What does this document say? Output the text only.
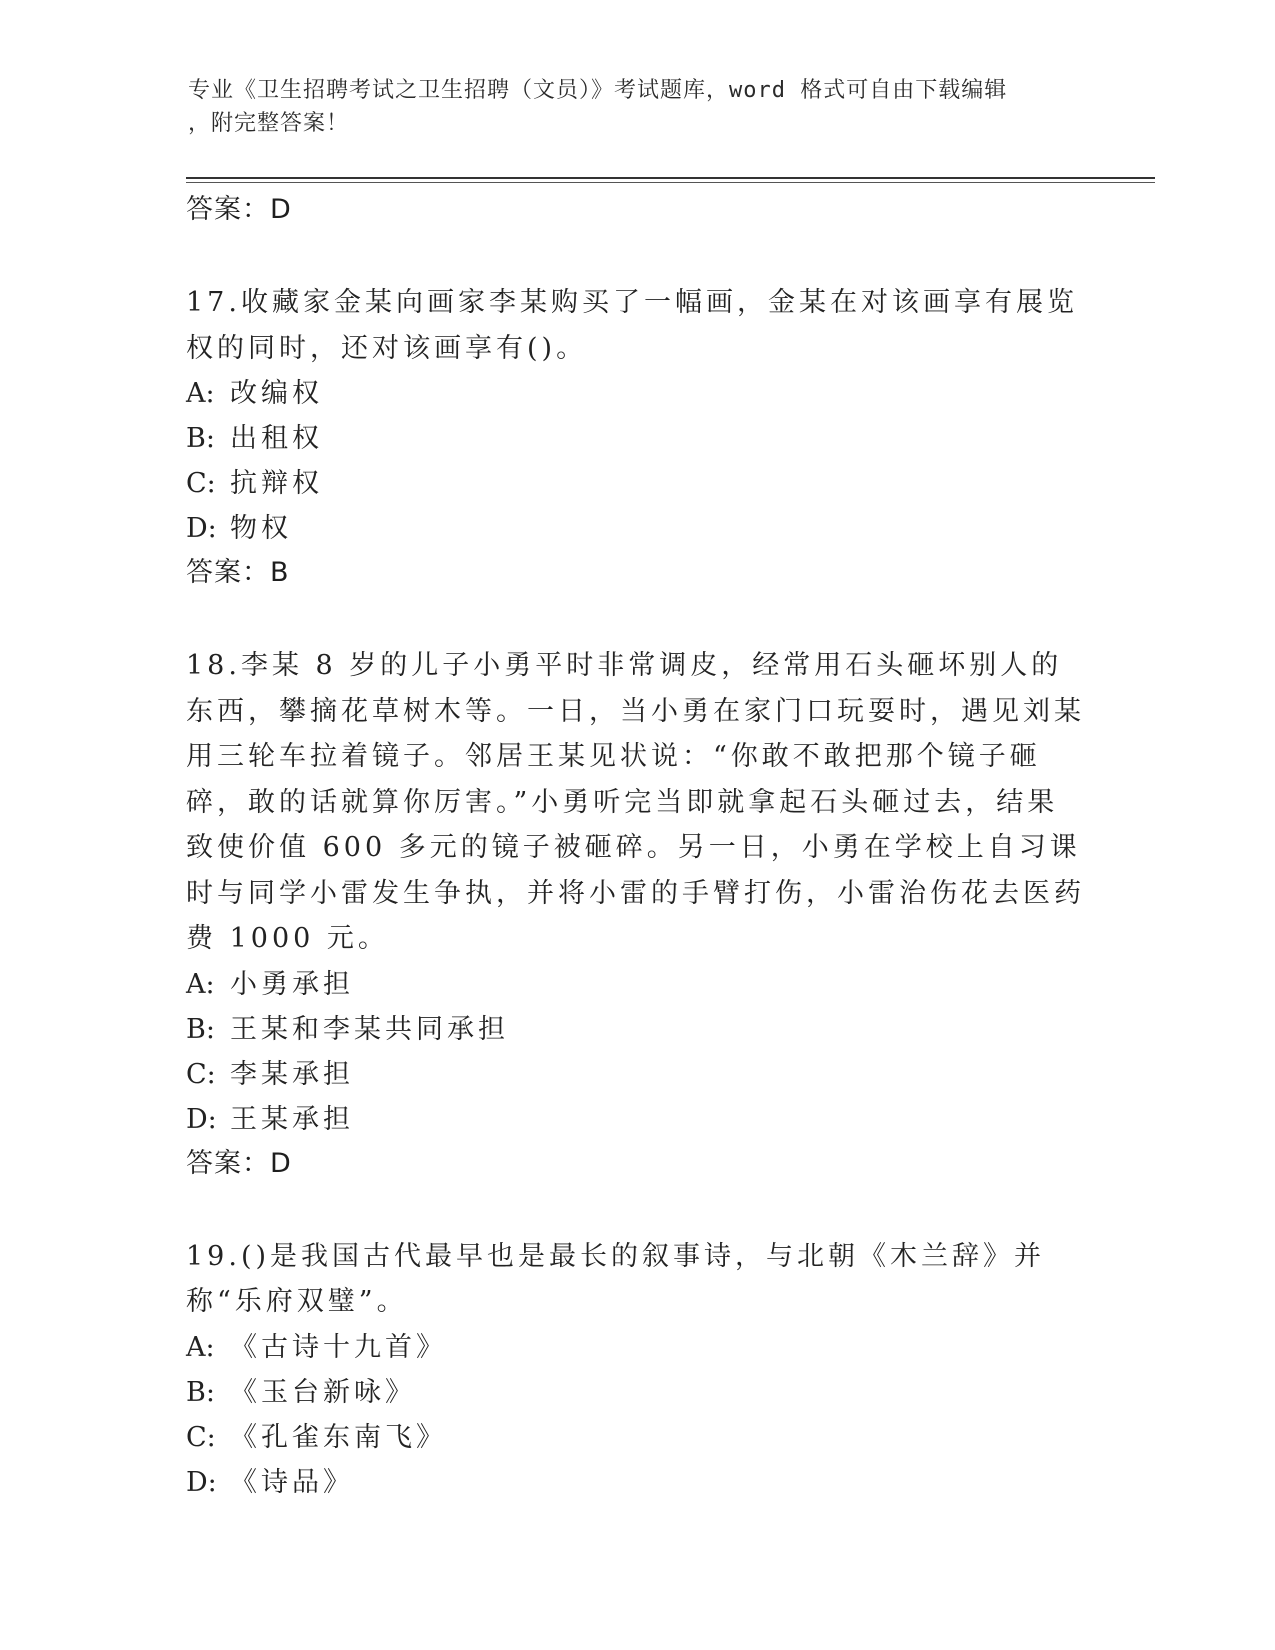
专业《卫生招聘考试之卫生招聘（文员）》考试题库，word 格式可自由下载编辑
，附完整答案！
答案：D
17.收藏家金某向画家李某购买了一幅画，金某在对该画享有展览权的同时，还对该画享有()。
A: 改编权
B: 出租权
C: 抗辩权
D: 物权
答案：B
18.李某 8 岁的儿子小勇平时非常调皮，经常用石头砸坏别人的东西，攀摘花草树木等。一日，当小勇在家门口玩耍时，遇见刘某用三轮车拉着镜子。邻居王某见状说：“你敢不敢把那个镜子砸碎，敢的话就算你厉害。”小勇听完当即就拿起石头砸过去，结果致使价值 600 多元的镜子被砸碎。另一日，小勇在学校上自习课时与同学小雷发生争执，并将小雷的手臂打伤，小雷治伤花去医药费 1000 元。
A: 小勇承担
B: 王某和李某共同承担
C: 李某承担
D: 王某承担
答案：D
19.()是我国古代最早也是最长的叙事诗，与北朝《木兰辞》并称“乐府双璧”。
A: 《古诗十九首》
B: 《玉台新咏》
C: 《孔雀东南飞》
D: 《诗品》
